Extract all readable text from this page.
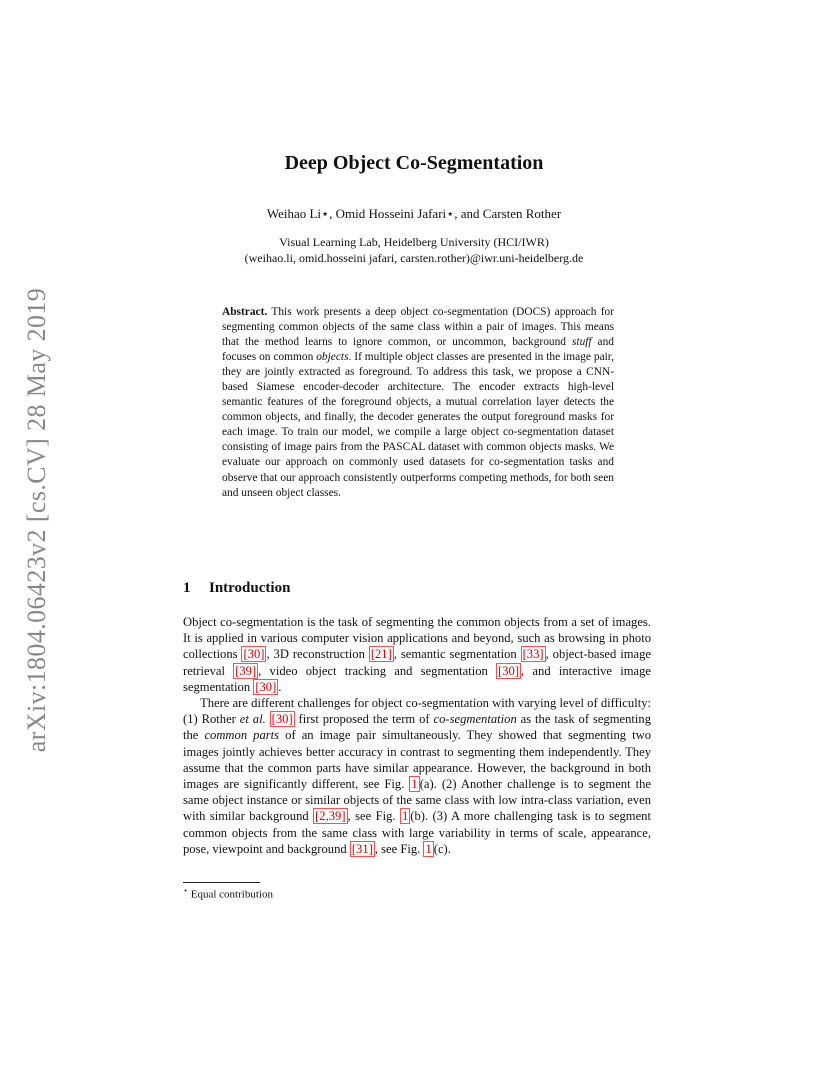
arXiv:1804.06423v2 [cs.CV] 28 May 2019
Deep Object Co-Segmentation
Weihao Li⋆, Omid Hosseini Jafari⋆, and Carsten Rother
Visual Learning Lab, Heidelberg University (HCI/IWR)
(weihao.li, omid.hosseini jafari, carsten.rother)@iwr.uni-heidelberg.de
Abstract. This work presents a deep object co-segmentation (DOCS) approach for segmenting common objects of the same class within a pair of images. This means that the method learns to ignore common, or uncommon, background stuff and focuses on common objects. If multiple object classes are presented in the image pair, they are jointly extracted as foreground. To address this task, we propose a CNN-based Siamese encoder-decoder architecture. The encoder extracts high-level semantic features of the foreground objects, a mutual correlation layer detects the common objects, and finally, the decoder generates the output foreground masks for each image. To train our model, we compile a large object co-segmentation dataset consisting of image pairs from the PASCAL dataset with common objects masks. We evaluate our approach on commonly used datasets for co-segmentation tasks and observe that our approach consistently outperforms competing methods, for both seen and unseen object classes.
1 Introduction

Object co-segmentation is the task of segmenting the common objects from a set of images. It is applied in various computer vision applications and beyond, such as browsing in photo collections [30] , 3D reconstruction [21] , semantic segmentation [33] , object-based image retrieval [39] , video object tracking and segmentation [30] , and interactive image segmentation [30] .

There are different challenges for object co-segmentation with varying level of difficulty: (1) Rother et al. [30] first proposed the term of co-segmentation as the task of segmenting the common parts of an image pair simultaneously. They showed that segmenting two images jointly achieves better accuracy in contrast to segmenting them independently. They assume that the common parts have similar appearance. However, the background in both images are significantly different, see Fig. 1 (a). (2) Another challenge is to segment the same object instance or similar objects of the same class with low intra-class variation, even with similar background [2,39] , see Fig. 1 (b). (3) A more challenging task is to segment common objects from the same class with large variability in terms of scale, appearance, pose, viewpoint and background [31] , see Fig. 1 (c).

⋆ Equal contribution
